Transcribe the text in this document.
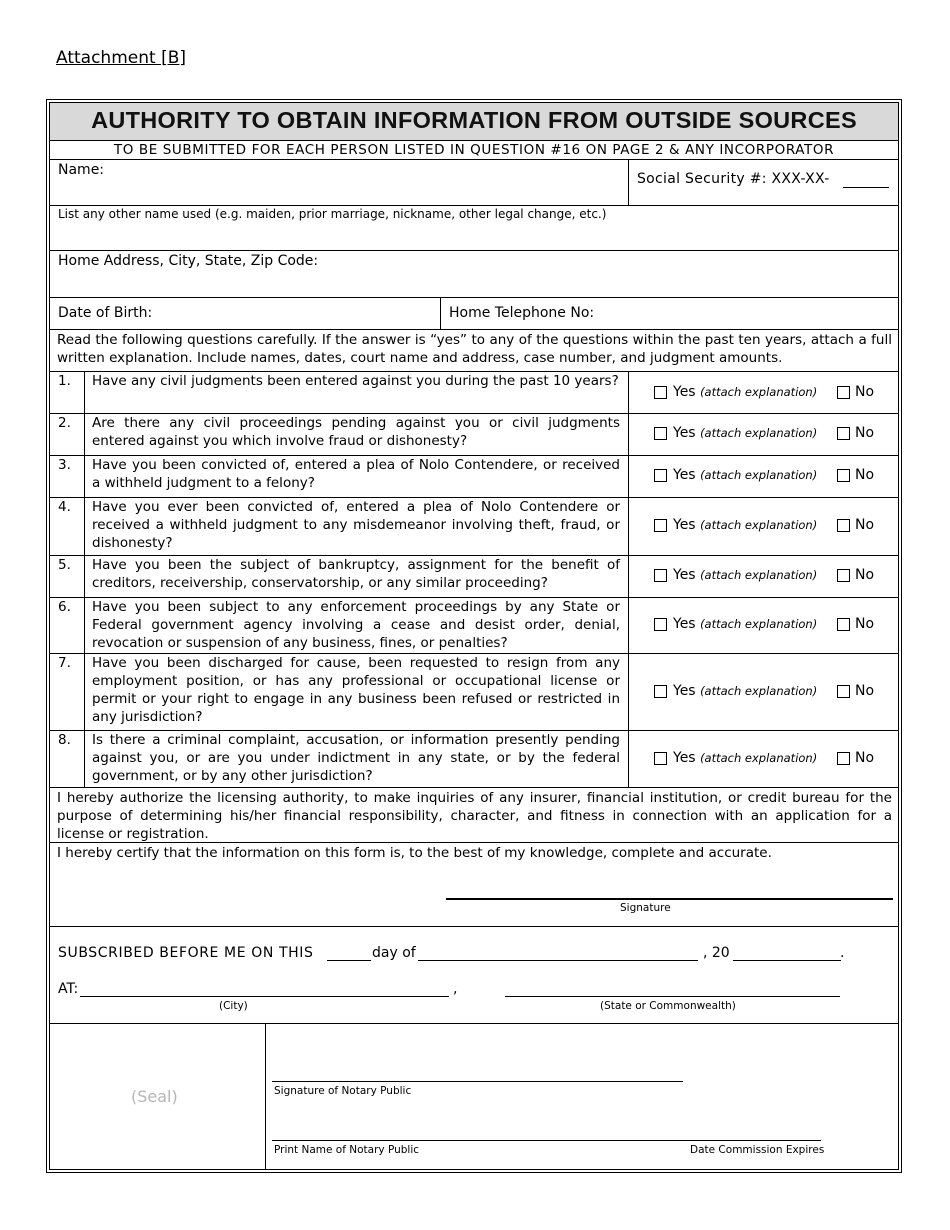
Attachment [B]
AUTHORITY TO OBTAIN INFORMATION FROM OUTSIDE SOURCES
TO BE SUBMITTED FOR EACH PERSON LISTED IN QUESTION #16 ON PAGE 2 & ANY INCORPORATOR
Name:
Social Security #: XXX-XX-
List any other name used (e.g. maiden, prior marriage, nickname, other legal change, etc.)
Home Address, City, State, Zip Code:
Date of Birth:	Home Telephone No:
Read the following questions carefully. If the answer is “yes” to any of the questions within the past ten years, attach a full written explanation. Include names, dates, court name and address, case number, and judgment amounts.
1. Have any civil judgments been entered against you during the past 10 years?
Yes (attach explanation)	No
2. Are there any civil proceedings pending against you or civil judgments entered against you which involve fraud or dishonesty?	Yes (attach explanation)	No
3. Have you been convicted of, entered a plea of Nolo Contendere, or received a withheld judgment to a felony?	Yes (attach explanation)	No
4. Have you ever been convicted of, entered a plea of Nolo Contendere or received a withheld judgment to any misdemeanor involving theft, fraud, or dishonesty?
Yes (attach explanation)	No
5. Have you been the subject of bankruptcy, assignment for the benefit of creditors, receivership, conservatorship, or any similar proceeding?	Yes (attach explanation)	No
6. Have you been subject to any enforcement proceedings by any State or Federal government agency involving a cease and desist order, denial, revocation or suspension of any business, fines, or penalties?
Yes (attach explanation)	No
7. Have you been discharged for cause, been requested to resign from any employment position, or has any professional or occupational license or permit or your right to engage in any business been refused or restricted in any jurisdiction?
Yes (attach explanation)	No
8. Is there a criminal complaint, accusation, or information presently pending against you, or are you under indictment in any state, or by the federal government, or by any other jurisdiction?
Yes (attach explanation)	No
I hereby authorize the licensing authority, to make inquiries of any insurer, financial institution, or credit bureau for the purpose of determining his/her financial responsibility, character, and fitness in connection with an application for a license or registration.
I hereby certify that the information on this form is, to the best of my knowledge, complete and accurate.
Signature
SUBSCRIBED BEFORE ME ON THIS	day of	, 20	.
AT:	,
(City)	(State or Commonwealth)
(Seal)	Signature of Notary Public
Print Name of Notary Public	Date Commission Expires
